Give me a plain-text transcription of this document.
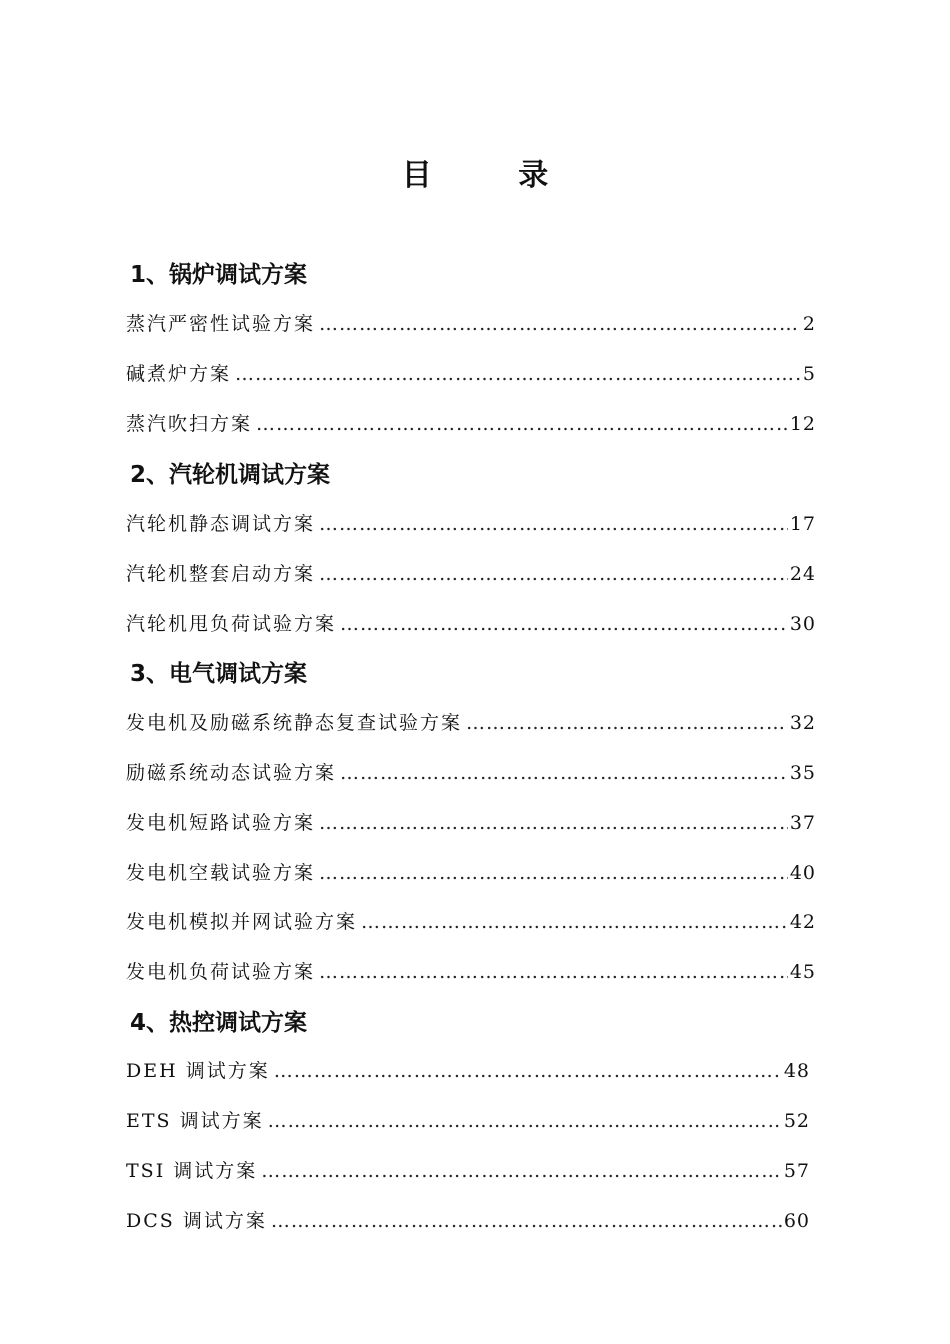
目 录
1、锅炉调试方案
蒸汽严密性试验方案 …………………………………………………………………………………………………………………………………………………………………………	2
碱煮炉方案 …………………………………………………………………………………………………………………………………………………………………………	5
蒸汽吹扫方案 …………………………………………………………………………………………………………………………………………………………………………	12
2、汽轮机调试方案
汽轮机静态调试方案 …………………………………………………………………………………………………………………………………………………………………………	17
汽轮机整套启动方案 …………………………………………………………………………………………………………………………………………………………………………	24
汽轮机甩负荷试验方案 …………………………………………………………………………………………………………………………………………………………………………	30
3、电气调试方案
发电机及励磁系统静态复查试验方案 …………………………………………………………………………………………………………………………………………………………………………	32
励磁系统动态试验方案 …………………………………………………………………………………………………………………………………………………………………………	35
发电机短路试验方案 …………………………………………………………………………………………………………………………………………………………………………	37
发电机空载试验方案 …………………………………………………………………………………………………………………………………………………………………………	40
发电机模拟并网试验方案 …………………………………………………………………………………………………………………………………………………………………………	42
发电机负荷试验方案 …………………………………………………………………………………………………………………………………………………………………………	45
4、热控调试方案
DEH 调试方案 …………………………………………………………………………………………………………………………………………………………………………	48
ETS 调试方案 …………………………………………………………………………………………………………………………………………………………………………	52
TSI 调试方案 …………………………………………………………………………………………………………………………………………………………………………	57
DCS 调试方案 …………………………………………………………………………………………………………………………………………………………………………	60
